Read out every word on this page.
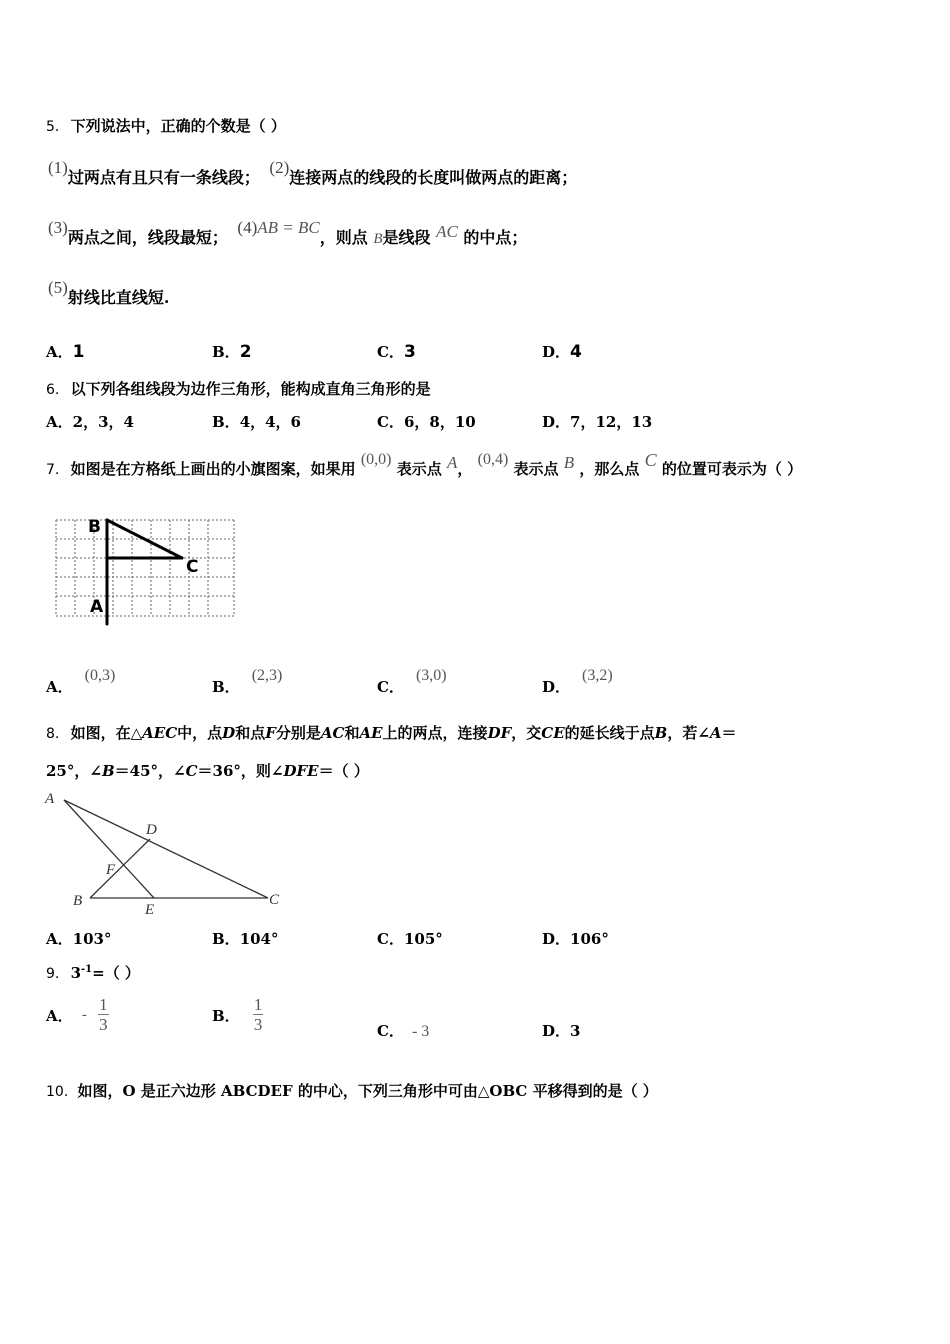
5. 下列说法中，正确的个数是（ ）
(1)过两点有且只有一条线段； (2)连接两点的线段的长度叫做两点的距离；
(3)两点之间，线段最短； (4)AB = BC，则点 B是线段 AC 的中点；
(5)射线比直线短.
A．1	B．2	C．3	D．4
6. 以下列各组线段为边作三角形，能构成直角三角形的是
A．2，3，4	B．4，4，6	C．6，8，10	D．7，12，13
7. 如图是在方格纸上画出的小旗图案，如果用 (0,0) 表示点 A， (0,4) 表示点 B ，那么点 C 的位置可表示为（ ）
B
C
A
A．(0,3)
B．(2,3)
C．(3,0)
D．(3,2)
8. 如图，在△AEC中，点D和点F分别是AC和AE上的两点，连接DF，交CE的延长线于点B，若∠A＝
25°，∠B＝45°，∠C＝36°，则∠DFE＝（ ）
A
D
F
B
E
C
A．103°	B．104°	C．105°	D．106°
9. $3^{-1}=$（ ）
A． - $\frac{1}{3}$	B． $\frac{1}{3}$	C． - 3	D．3
10. 如图，O 是正六边形 ABCDEF 的中心，下列三角形中可由△OBC 平移得到的是（ ）
